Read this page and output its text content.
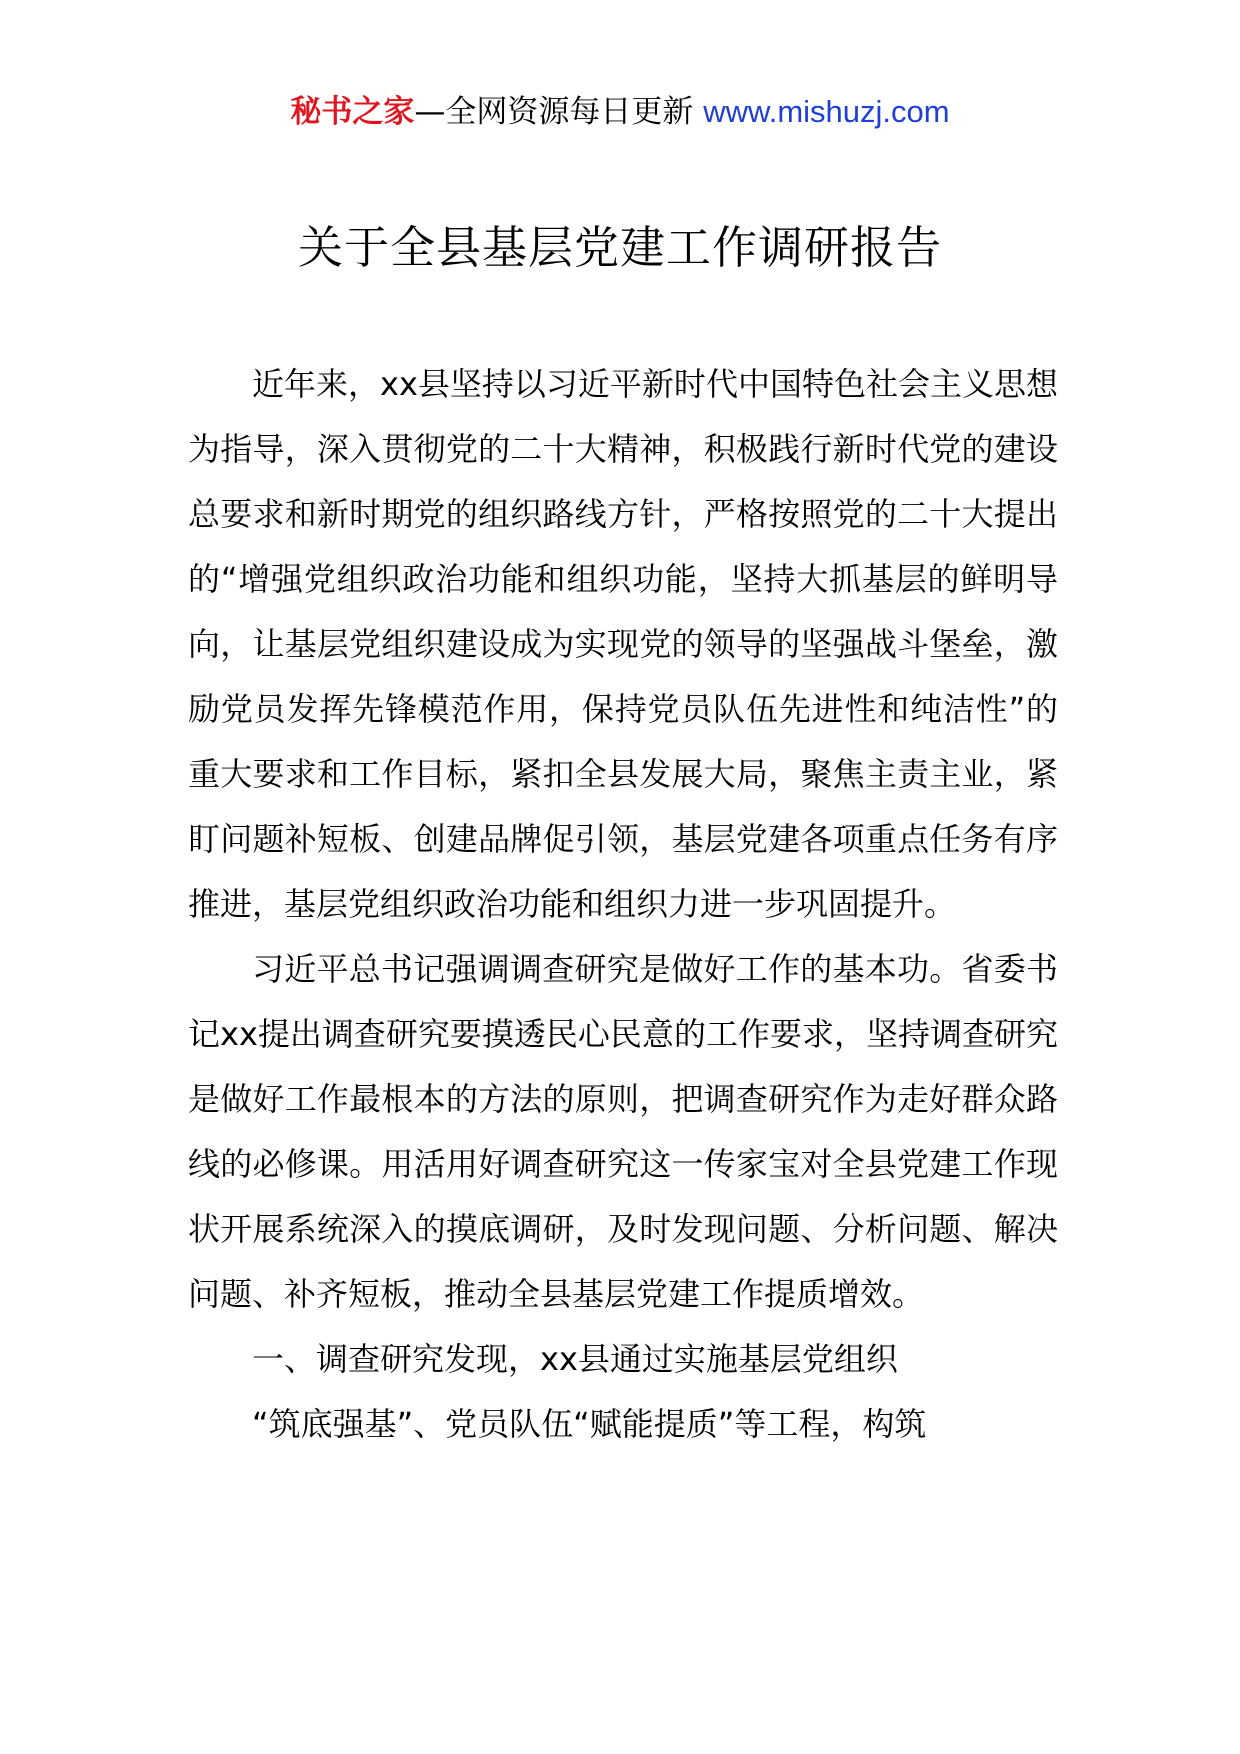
秘书之家—全网资源每日更新 www.mishuzj.com
关于全县基层党建工作调研报告

近年来，xx县坚持以习近平新时代中国特色社会主义思想为指导，深入贯彻党的二十大精神，积极践行新时代党的建设总要求和新时期党的组织路线方针，严格按照党的二十大提出的“增强党组织政治功能和组织功能，坚持大抓基层的鲜明导向，让基层党组织建设成为实现党的领导的坚强战斗堡垒，激励党员发挥先锋模范作用，保持党员队伍先进性和纯洁性”的重大要求和工作目标，紧扣全县发展大局，聚焦主责主业，紧盯问题补短板、创建品牌促引领，基层党建各项重点任务有序推进，基层党组织政治功能和组织力进一步巩固提升。

习近平总书记强调调查研究是做好工作的基本功。省委书记xx提出调查研究要摸透民心民意的工作要求，坚持调查研究是做好工作最根本的方法的原则，把调查研究作为走好群众路线的必修课。用活用好调查研究这一传家宝对全县党建工作现状开展系统深入的摸底调研，及时发现问题、分析问题、解决问题、补齐短板，推动全县基层党建工作提质增效。

一、调查研究发现，xx县通过实施基层党组织

“筑底强基”、党员队伍“赋能提质”等工程，构筑
